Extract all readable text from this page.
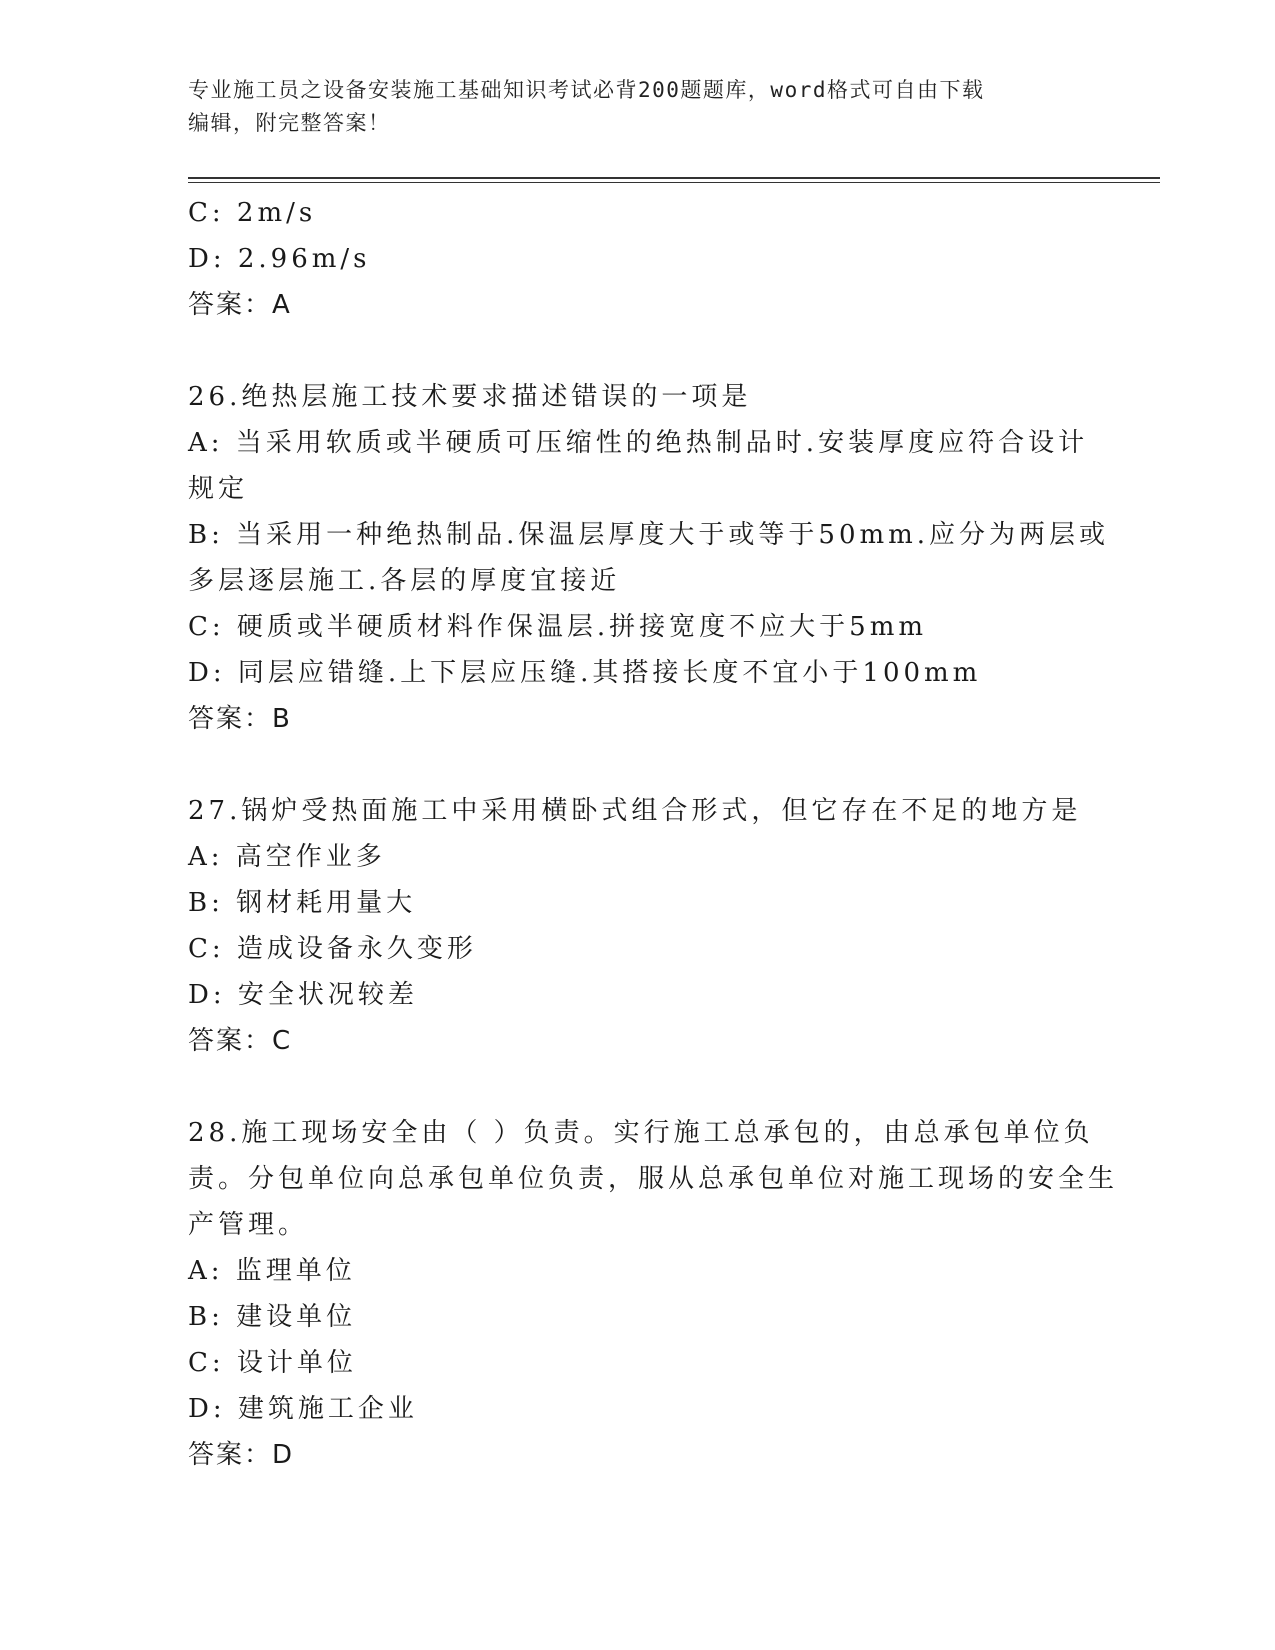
专业施工员之设备安装施工基础知识考试必背200题题库，word格式可自由下载
编辑，附完整答案！
C: 2m/s
D: 2.96m/s
答案：A
26.绝热层施工技术要求描述错误的一项是
A: 当采用软质或半硬质可压缩性的绝热制品时.安装厚度应符合设计规定
B: 当采用一种绝热制品.保温层厚度大于或等于50mm.应分为两层或多层逐层施工.各层的厚度宜接近
C: 硬质或半硬质材料作保温层.拼接宽度不应大于5mm
D: 同层应错缝.上下层应压缝.其搭接长度不宜小于100mm
答案：B
27.锅炉受热面施工中采用横卧式组合形式，但它存在不足的地方是
A: 高空作业多
B: 钢材耗用量大
C: 造成设备永久变形
D: 安全状况较差
答案：C
28.施工现场安全由（ ）负责。实行施工总承包的，由总承包单位负责。分包单位向总承包单位负责，服从总承包单位对施工现场的安全生产管理。
A: 监理单位
B: 建设单位
C: 设计单位
D: 建筑施工企业
答案：D
